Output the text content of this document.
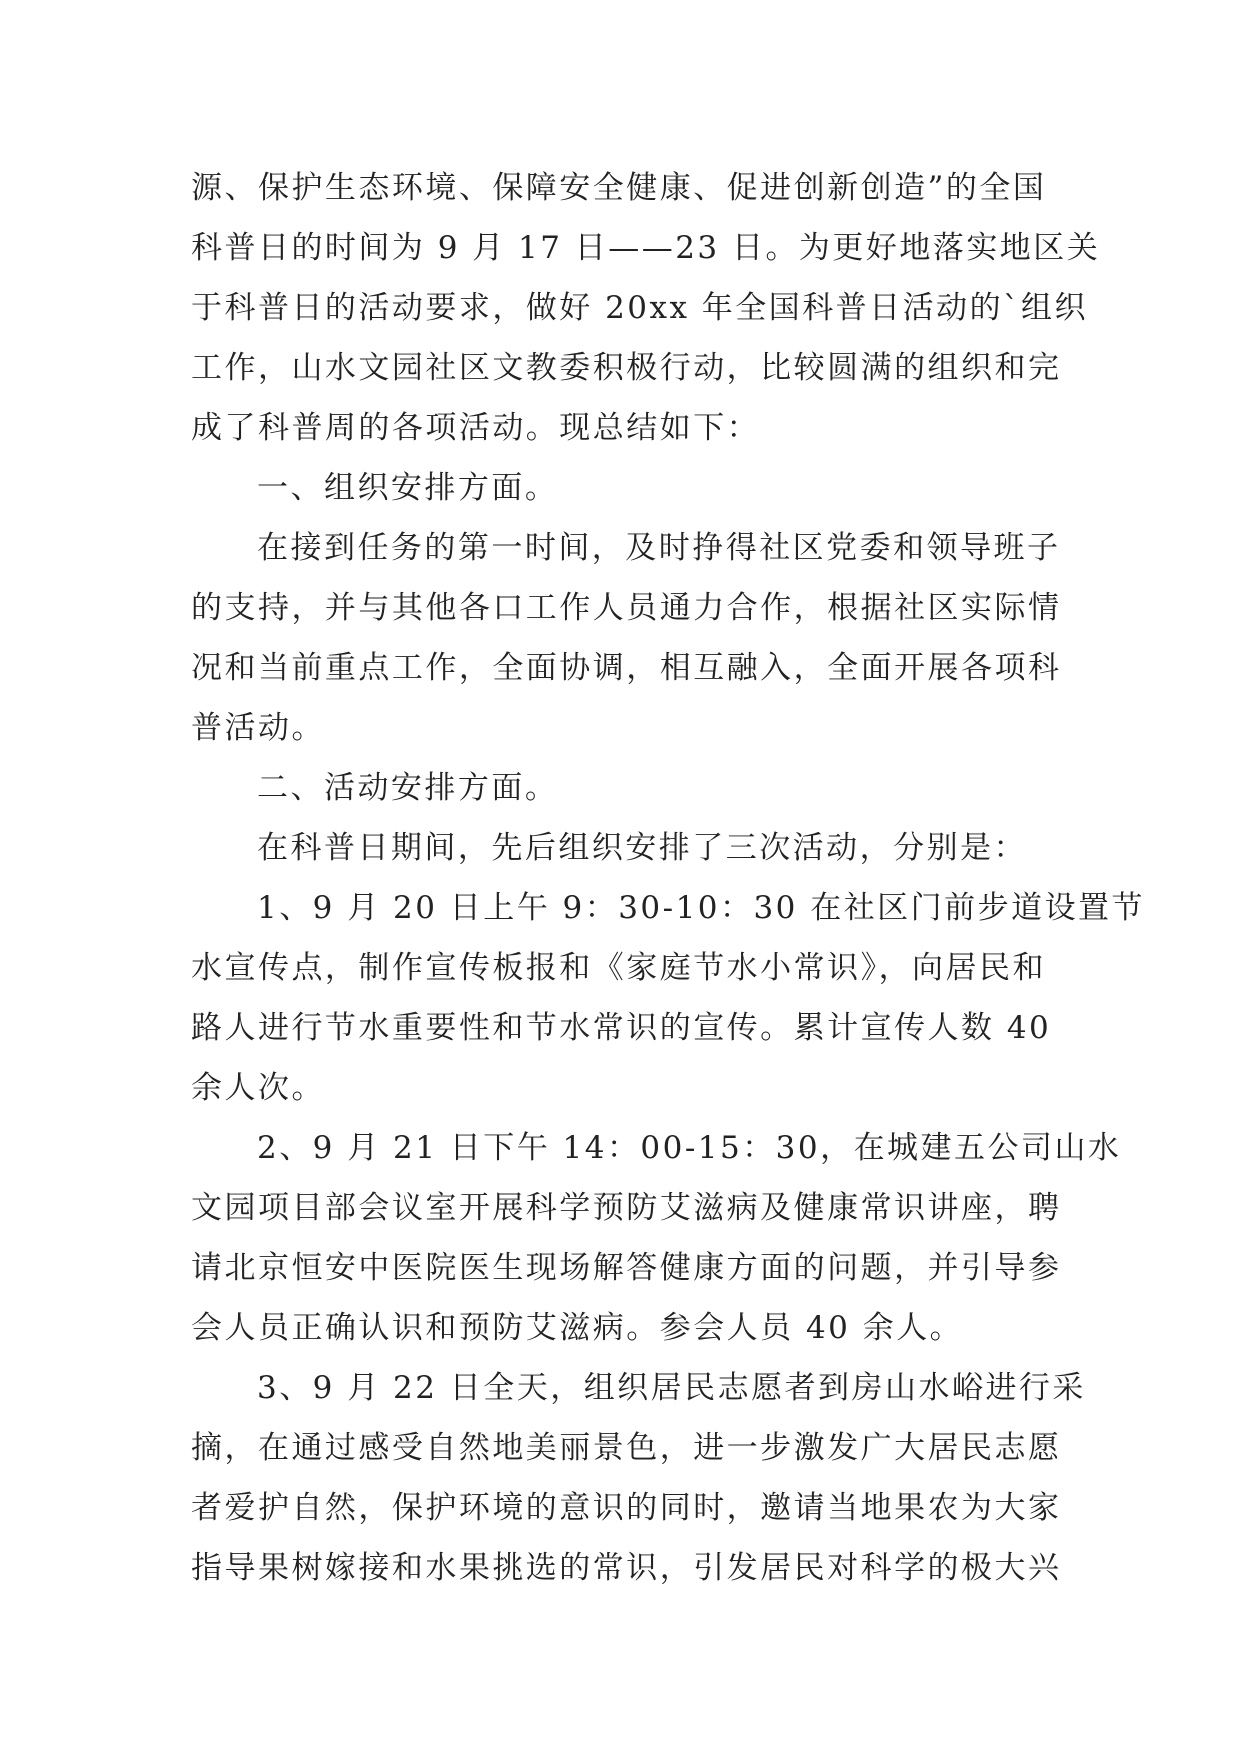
源、保护生态环境、保障安全健康、促进创新创造”的全国
科普日的时间为 9 月 17 日——23 日。为更好地落实地区关
于科普日的活动要求，做好 20xx 年全国科普日活动的`组织
工作，山水文园社区文教委积极行动，比较圆满的组织和完
成了科普周的各项活动。现总结如下：
一、组织安排方面。
在接到任务的第一时间，及时挣得社区党委和领导班子
的支持，并与其他各口工作人员通力合作，根据社区实际情
况和当前重点工作，全面协调，相互融入，全面开展各项科
普活动。
二、活动安排方面。
在科普日期间，先后组织安排了三次活动，分别是：
1、9 月 20 日上午 9：30-10：30 在社区门前步道设置节
水宣传点，制作宣传板报和《家庭节水小常识》，向居民和
路人进行节水重要性和节水常识的宣传。累计宣传人数 40
余人次。
2、9 月 21 日下午 14：00-15：30，在城建五公司山水
文园项目部会议室开展科学预防艾滋病及健康常识讲座，聘
请北京恒安中医院医生现场解答健康方面的问题，并引导参
会人员正确认识和预防艾滋病。参会人员 40 余人。
3、9 月 22 日全天，组织居民志愿者到房山水峪进行采
摘，在通过感受自然地美丽景色，进一步激发广大居民志愿
者爱护自然，保护环境的意识的同时，邀请当地果农为大家
指导果树嫁接和水果挑选的常识，引发居民对科学的极大兴
